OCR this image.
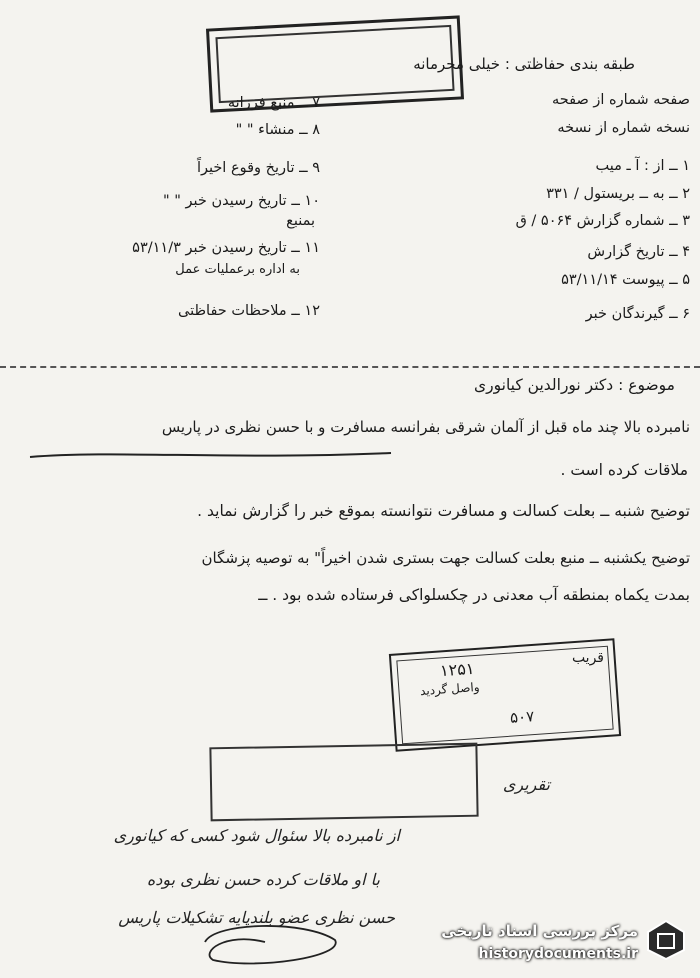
طبقه بندی حفاظتی : خیلی محرمانه
۷ ــ منبع فرزانه
۸ ــ منشاء " "
۹ ــ تاریخ وقوع اخیراً
۱۰ ــ تاریخ رسیدن خبر " "
بمنبع
۱۱ ــ تاریخ رسیدن خبر ۵۳/۱۱/۳
به اداره برعملیات عمل
۱۲ ــ ملاحظات حفاظتی
صفحه شماره از صفحه
نسخه شماره از نسخه
۱ ــ از : آ ـ میب
۲ ــ به ــ بریستول / ۳۳۱
۳ ــ شماره گزارش ۵۰۶۴ / ق
۴ ــ تاریخ گزارش
۵ ــ پیوست ۵۳/۱۱/۱۴
۶ ــ گیرندگان خبر
موضوع : دکتر نورالدین کیانوری
نامبرده بالا چند ماه قبل از آلمان شرقی بفرانسه مسافرت و با حسن نظری در پاریس
ملاقات کرده است .
توضیح شنبه ــ بعلت کسالت و مسافرت نتوانسته بموقع خبر را گزارش نماید .
توضیح یکشنبه ــ منبع بعلت کسالت جهت بستری شدن اخیراً" به توصیه پزشگان
بمدت یکماه بمنطقه آب معدنی در چکسلواکی فرستاده شده بود . ــ
قریب
۱۲۵۱
واصل گردید
۵۰۷
تقریری
از نامبرده بالا سئوال شود کسی که کیانوری
با او ملاقات کرده حسن نظری بوده
حسن نظری عضو بلندپایه تشکیلات پاریس
مرکز بررسی اسناد تاریخی
historydocuments.ir
